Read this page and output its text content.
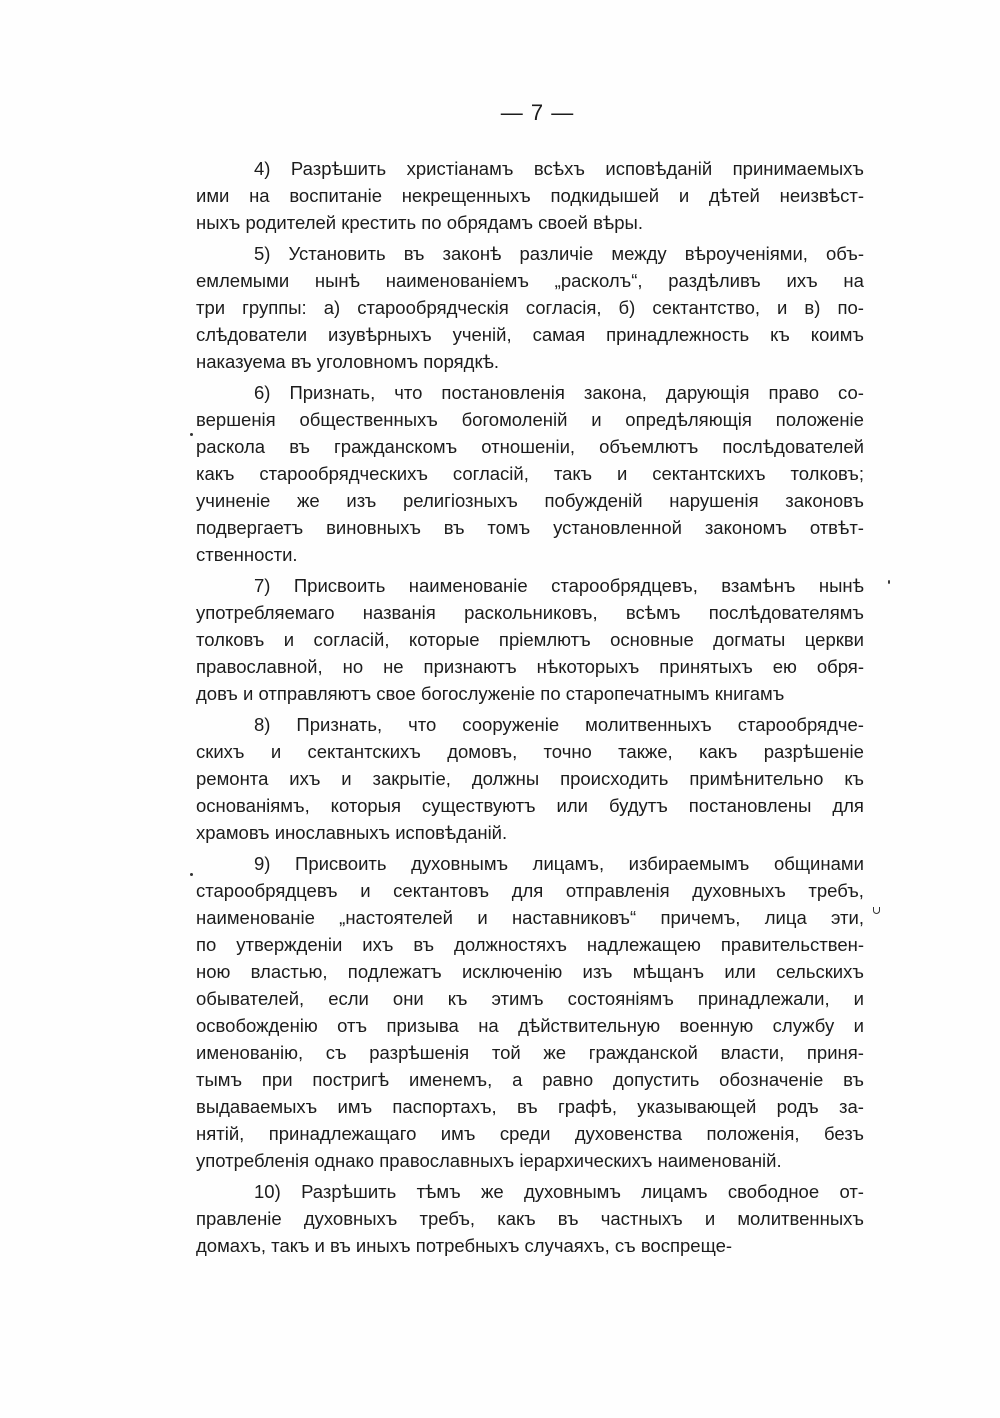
— 7 —
4) Разрѣшить христіанамъ всѣхъ исповѣданій принимаемыхъ
ими на воспитаніе некрещенныхъ подкидышей и дѣтей неизвѣст-
ныхъ родителей крестить по обрядамъ своей вѣры.
5) Установить въ законѣ различіе между вѣроученіями, объ-
емлемыми нынѣ наименованіемъ „расколъ“, раздѣливъ ихъ на
три группы: а) старообрядческія согласія, б) сектантство, и в) по-
слѣдователи изувѣрныхъ ученій, самая принадлежность къ коимъ
наказуема въ уголовномъ порядкѣ.
6) Признать, что постановленія закона, дарующія право со-
вершенія общественныхъ богомоленій и опредѣляющія положеніе
раскола въ гражданскомъ отношеніи, объемлютъ послѣдователей
какъ старообрядческихъ согласій, такъ и сектантскихъ толковъ;
учиненіе же изъ религіозныхъ побужденій нарушенія законовъ
подвергаетъ виновныхъ въ томъ установленной закономъ отвѣт-
ственности.
7) Присвоить наименованіе старообрядцевъ, взамѣнъ нынѣ
употребляемаго названія раскольниковъ, всѣмъ послѣдователямъ
толковъ и согласій, которые пріемлютъ основные догматы церкви
православной, но не признаютъ нѣкоторыхъ принятыхъ ею обря-
довъ и отправляютъ свое богослуженіе по старопечатнымъ книгамъ
8) Признать, что сооруженіе молитвенныхъ старообрядче-
скихъ и сектантскихъ домовъ, точно также, какъ разрѣшеніе
ремонта ихъ и закрытіе, должны происходить примѣнительно къ
основаніямъ, которыя существуютъ или будутъ постановлены для
храмовъ инославныхъ исповѣданій.
9) Присвоить духовнымъ лицамъ, избираемымъ общинами
старообрядцевъ и сектантовъ для отправленія духовныхъ требъ,
наименованіе „настоятелей и наставниковъ“ причемъ, лица эти,
по утвержденіи ихъ въ должностяхъ надлежащею правительствен-
ною властью, подлежатъ исключенію изъ мѣщанъ или сельскихъ
обывателей, если они къ этимъ состояніямъ принадлежали, и
освобожденію отъ призыва на дѣйствительную военную службу и
именованію, съ разрѣшенія той же гражданской власти, приня-
тымъ при постригѣ именемъ, а равно допустить обозначеніе въ
выдаваемыхъ имъ паспортахъ, въ графѣ, указывающей родъ за-
нятій, принадлежащаго имъ среди духовенства положенія, безъ
употребленія однако православныхъ іерархическихъ наименованій.
10) Разрѣшить тѣмъ же духовнымъ лицамъ свободное от-
правленіе духовныхъ требъ, какъ въ частныхъ и молитвенныхъ
домахъ, такъ и въ иныхъ потребныхъ случаяхъ, съ воспреще-
